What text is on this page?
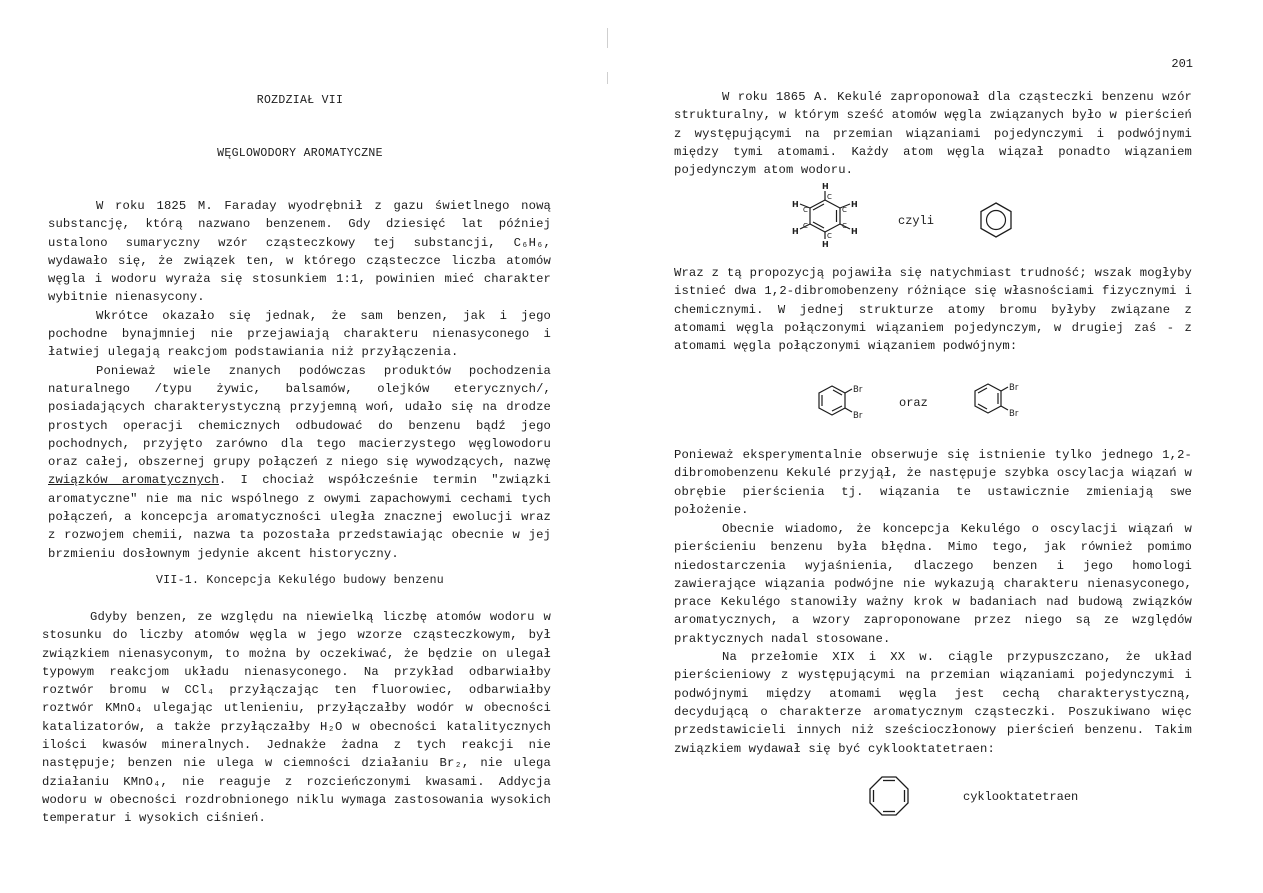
ROZDZIAŁ VII
WĘGLOWODORY AROMATYCZNE

W roku 1825 M. Faraday wyodrębnił z gazu świetlnego nową substancję, którą nazwano benzenem. Gdy dziesięć lat później ustalono sumaryczny wzór cząsteczkowy tej substancji, C₆H₆, wydawało się, że związek ten, w którego cząsteczce liczba atomów węgla i wodoru wyraża się stosunkiem 1:1, powinien mieć charakter wybitnie nienasycony.

Wkrótce okazało się jednak, że sam benzen, jak i jego pochodne bynajmniej nie przejawiają charakteru nienasyconego i łatwiej ulegają reakcjom podstawiania niż przyłączenia.

Ponieważ wiele znanych podówczas produktów pochodzenia naturalnego /typu żywic, balsamów, olejków eterycznych/, posiadających charakterystyczną przyjemną woń, udało się na drodze prostych operacji chemicznych odbudować do benzenu bądź jego pochodnych, przyjęto zarówno dla tego macierzystego węglowodoru oraz całej, obszernej grupy połączeń z niego się wywodzących, nazwę związków aromatycznych. I chociaż współcześnie termin "związki aromatyczne" nie ma nic wspólnego z owymi zapachowymi cechami tych połączeń, a koncepcja aromatyczności uległa znacznej ewolucji wraz z rozwojem chemii, nazwa ta pozostała przedstawiając obecnie w jej brzmieniu dosłownym jedynie akcent historyczny.

VII-1. Koncepcja Kekulégo budowy benzenu

Gdyby benzen, ze względu na niewielką liczbę atomów wodoru w stosunku do liczby atomów węgla w jego wzorze cząsteczkowym, był związkiem nienasyconym, to można by oczekiwać, że będzie on ulegał typowym reakcjom układu nienasyconego. Na przykład odbarwiałby roztwór bromu w CCl₄ przyłączając ten fluorowiec, odbarwiałby roztwór KMnO₄ ulegając utlenieniu, przyłączałby wodór w obecności katalizatorów, a także przyłączałby H₂O w obecności katalitycznych ilości kwasów mineralnych. Jednakże żadna z tych reakcji nie następuje; benzen nie ulega w ciemności działaniu Br₂, nie ulega działaniu KMnO₄, nie reaguje z rozcieńczonymi kwasami. Addycja wodoru w obecności rozdrobnionego niklu wymaga zastosowania wysokich temperatur i wysokich ciśnień.

201

W roku 1865 A. Kekulé zaproponował dla cząsteczki benzenu wzór strukturalny, w którym sześć atomów węgla związanych było w pierścień z występującymi na przemian wiązaniami pojedynczymi i podwójnymi między tymi atomami. Każdy atom węgla wiązał ponadto wiązaniem pojedynczym atom wodoru.

H
H
H
H
H
H
C
C
C
C
C
C
czyli

Wraz z tą propozycją pojawiła się natychmiast trudność; wszak mogłyby istnieć dwa 1,2-dibromobenzeny różniące się własnościami fizycznymi i chemicznymi. W jednej strukturze atomy bromu byłyby związane z atomami węgla połączonymi wiązaniem pojedynczym, w drugiej zaś - z atomami węgla połączonymi wiązaniem podwójnym:

Br
Br
oraz
Br
Br

Ponieważ eksperymentalnie obserwuje się istnienie tylko jednego 1,2-dibromobenzenu Kekulé przyjął, że następuje szybka oscylacja wiązań w obrębie pierścienia tj. wiązania te ustawicznie zmieniają swe położenie.

Obecnie wiadomo, że koncepcja Kekulégo o oscylacji wiązań w pierścieniu benzenu była błędna. Mimo tego, jak również pomimo niedostarczenia wyjaśnienia, dlaczego benzen i jego homologi zawierające wiązania podwójne nie wykazują charakteru nienasyconego, prace Kekulégo stanowiły ważny krok w badaniach nad budową związków aromatycznych, a wzory zaproponowane przez niego są ze względów praktycznych nadal stosowane.

Na przełomie XIX i XX w. ciągle przypuszczano, że układ pierścieniowy z występującymi na przemian wiązaniami pojedynczymi i podwójnymi między atomami węgla jest cechą charakterystyczną, decydującą o charakterze aromatycznym cząsteczki. Poszukiwano więc przedstawicieli innych niż sześcioczłonowy pierścień benzenu. Takim związkiem wydawał się być cyklooktatetraen:

cyklooktatetraen
